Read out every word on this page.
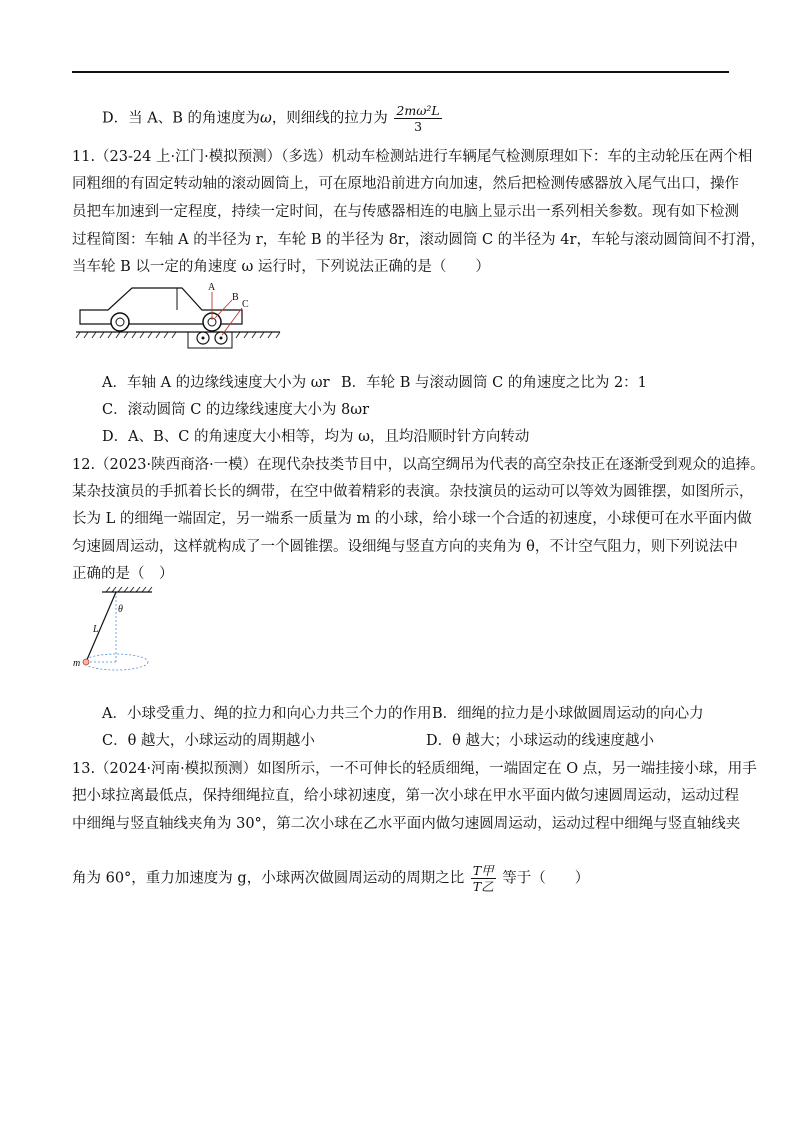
D．当 A、B 的角速度为ω，则细线的拉力为 $\frac{\text{2mω²L}}{3}$
11.（23-24 上·江门·模拟预测）（多选）机动车检测站进行车辆尾气检测原理如下：车的主动轮压在两个相
同粗细的有固定转动轴的滚动圆筒上，可在原地沿前进方向加速，然后把检测传感器放入尾气出口，操作
员把车加速到一定程度，持续一定时间，在与传感器相连的电脑上显示出一系列相关参数。现有如下检测
过程简图：车轴 A 的半径为 r，车轮 B 的半径为 8r，滚动圆筒 C 的半径为 4r，车轮与滚动圆筒间不打滑，
当车轮 B 以一定的角速度 ω 运行时，下列说法正确的是（　　）
A
B
C
A．车轴 A 的边缘线速度大小为 ωr B．车轮 B 与滚动圆筒 C 的角速度之比为 2：1
C．滚动圆筒 C 的边缘线速度大小为 8ωr
D．A、B、C 的角速度大小相等，均为 ω，且均沿顺时针方向转动
12.（2023·陕西商洛·一模）在现代杂技类节目中，以高空绸吊为代表的高空杂技正在逐渐受到观众的追捧。
某杂技演员的手抓着长长的绸带，在空中做着精彩的表演。杂技演员的运动可以等效为圆锥摆，如图所示，
长为 L 的细绳一端固定，另一端系一质量为 m 的小球，给小球一个合适的初速度，小球便可在水平面内做
匀速圆周运动，这样就构成了一个圆锥摆。设细绳与竖直方向的夹角为 θ，不计空气阻力，则下列说法中
正确的是（　）
θ
L
m
A．小球受重力、绳的拉力和向心力共三个力的作用 B．细绳的拉力是小球做圆周运动的向心力
C．θ 越大，小球运动的周期越小	D．θ 越大；小球运动的线速度越小
13.（2024·河南·模拟预测）如图所示，一不可伸长的轻质细绳，一端固定在 O 点，另一端挂接小球，用手
把小球拉离最低点，保持细绳拉直，给小球初速度，第一次小球在甲水平面内做匀速圆周运动，运动过程
中细绳与竖直轴线夹角为 30°，第二次小球在乙水平面内做匀速圆周运动，运动过程中细绳与竖直轴线夹
角为 60°，重力加速度为 g，小球两次做圆周运动的周期之比 $\frac{\text{T甲}}{\text{T乙}}$ 等于（　　）
